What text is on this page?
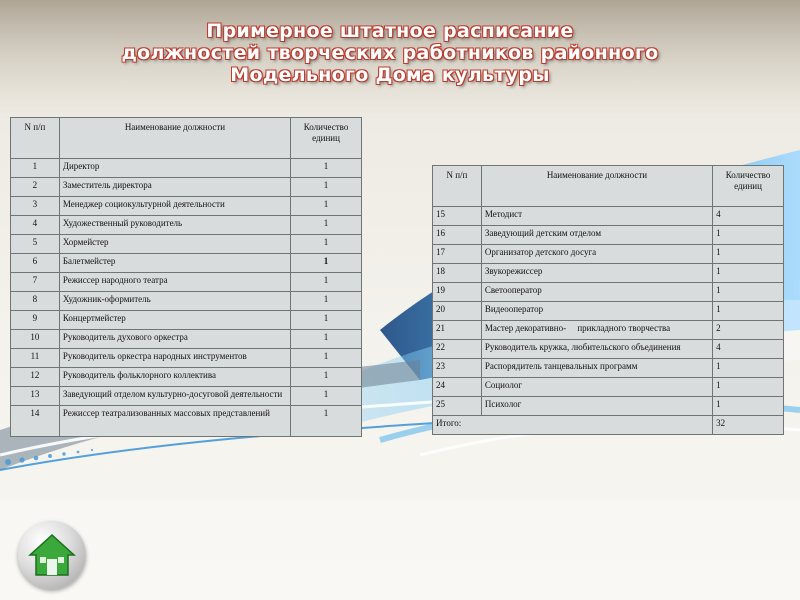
Примерное штатное расписание
должностей творческих работников районного
Модельного Дома культуры
N п/п	Наименование должности	Количество единиц
1	Директор	1
2	Заместитель директора	1
3	Менеджер социокультурной деятельности	1
4	Художественный руководитель	1
5	Хормейстер	1
6	Балетмейстер	1
7	Режиссер народного театра	1
8	Художник-оформитель	1
9	Концертмейстер	1
10	Руководитель духового оркестра	1
11	Руководитель оркестра народных инструментов	1
12	Руководитель фольклорного коллектива	1
13	Заведующий отделом культурно-досуговой деятельности	1
14	Режиссер театрализованных массовых представлений	1
N п/п	Наименование должности	Количество единиц
15	Методист	4
16	Заведующий детским отделом	1
17	Организатор детского досуга	1
18	Звукорежиссер	1
19	Светооператор	1
20	Видеооператор	1
21	Мастер декоративно-     прикладного творчества	2
22	Руководитель кружка, любительского объединения	4
23	Распорядитель танцевальных программ	1
24	Социолог	1
25	Психолог	1
Итого:		32
